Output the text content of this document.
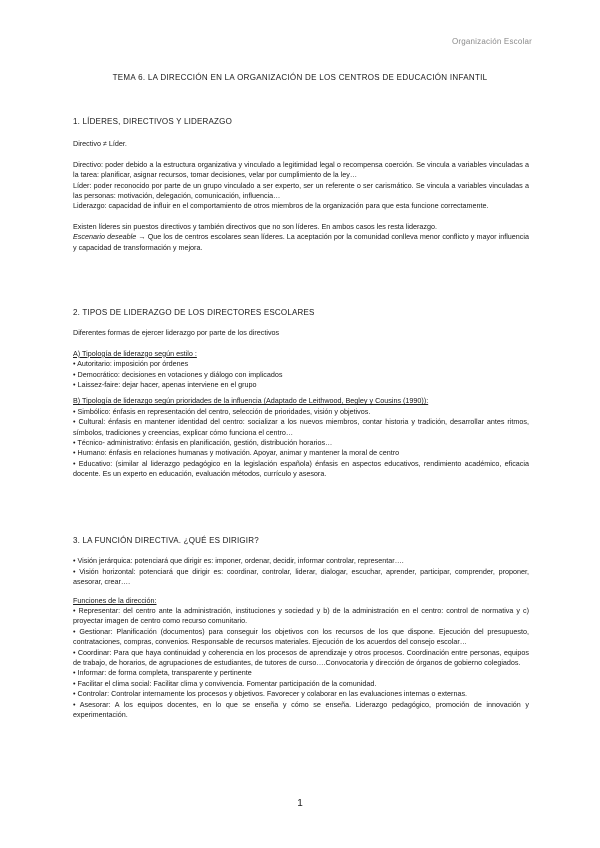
Organización Escolar
TEMA 6. LA DIRECCIÓN EN LA ORGANIZACIÓN DE LOS CENTROS DE EDUCACIÓN INFANTIL

1. LÍDERES, DIRECTIVOS Y LIDERAZGO

Directivo ≠ Líder.

Directivo: poder debido a la estructura organizativa y vinculado a legitimidad legal o recompensa coerción. Se vincula a variables vinculadas a la tarea: planificar, asignar recursos, tomar decisiones, velar por cumplimiento de la ley…

Líder: poder reconocido por parte de un grupo vinculado a ser experto, ser un referente o ser carismático. Se vincula a variables vinculadas a las personas: motivación, delegación, comunicación, influencia…

Liderazgo: capacidad de influir en el comportamiento de otros miembros de la organización para que esta funcione correctamente.

Existen líderes sin puestos directivos y también directivos que no son líderes. En ambos casos les resta liderazgo.

Escenario deseable → Que los de centros escolares sean líderes. La aceptación por la comunidad conlleva menor conflicto y mayor influencia y capacidad de transformación y mejora.

2. TIPOS DE LIDERAZGO DE LOS DIRECTORES ESCOLARES

Diferentes formas de ejercer liderazgo por parte de los directivos

A) Tipología de liderazgo según estilo :

• Autoritario: imposición por órdenes

• Democrático: decisiones en votaciones y diálogo con implicados

• Laissez-faire: dejar hacer, apenas interviene en el grupo

B) Tipología de liderazgo según prioridades de la influencia (Adaptado de Leithwood, Begley y Cousins (1990)):

• Simbólico: énfasis en representación del centro, selección de prioridades, visión y objetivos.

• Cultural: énfasis en mantener identidad del centro: socializar a los nuevos miembros, contar historia y tradición, desarrollar antes ritmos, símbolos, tradiciones y creencias, explicar cómo funciona el centro…

• Técnico- administrativo: énfasis en planificación, gestión, distribución horarios…

• Humano: énfasis en relaciones humanas y motivación. Apoyar, animar y mantener la moral de centro

• Educativo: (similar al liderazgo pedagógico en la legislación española) énfasis en aspectos educativos, rendimiento académico, eficacia docente. Es un experto en educación, evaluación métodos, currículo y asesora.

3. LA FUNCIÓN DIRECTIVA. ¿QUÉ ES DIRIGIR?

• Visión jerárquica: potenciará que dirigir es: imponer, ordenar, decidir, informar controlar, representar….

• Visión horizontal: potenciará que dirigir es: coordinar, controlar, liderar, dialogar, escuchar, aprender, participar, comprender, proponer, asesorar, crear….

Funciones de la dirección:

• Representar: del centro ante la administración, instituciones y sociedad y b) de la administración en el centro: control de normativa y c) proyectar imagen de centro como recurso comunitario.

• Gestionar: Planificación (documentos) para conseguir los objetivos con los recursos de los que dispone. Ejecución del presupuesto, contrataciones, compras, convenios. Responsable de recursos materiales. Ejecución de los acuerdos del consejo escolar…

• Coordinar: Para que haya continuidad y coherencia en los procesos de aprendizaje y otros procesos. Coordinación entre personas, equipos de trabajo, de horarios, de agrupaciones de estudiantes, de tutores de curso….Convocatoria y dirección de órganos de gobierno colegiados.

• Informar: de forma completa, transparente y pertinente

• Facilitar el clima social: Facilitar clima y convivencia. Fomentar participación de la comunidad.

• Controlar: Controlar internamente los procesos y objetivos. Favorecer y colaborar en las evaluaciones internas o externas.

• Asesorar: A los equipos docentes, en lo que se enseña y cómo se enseña. Liderazgo pedagógico, promoción de innovación y experimentación.

1
